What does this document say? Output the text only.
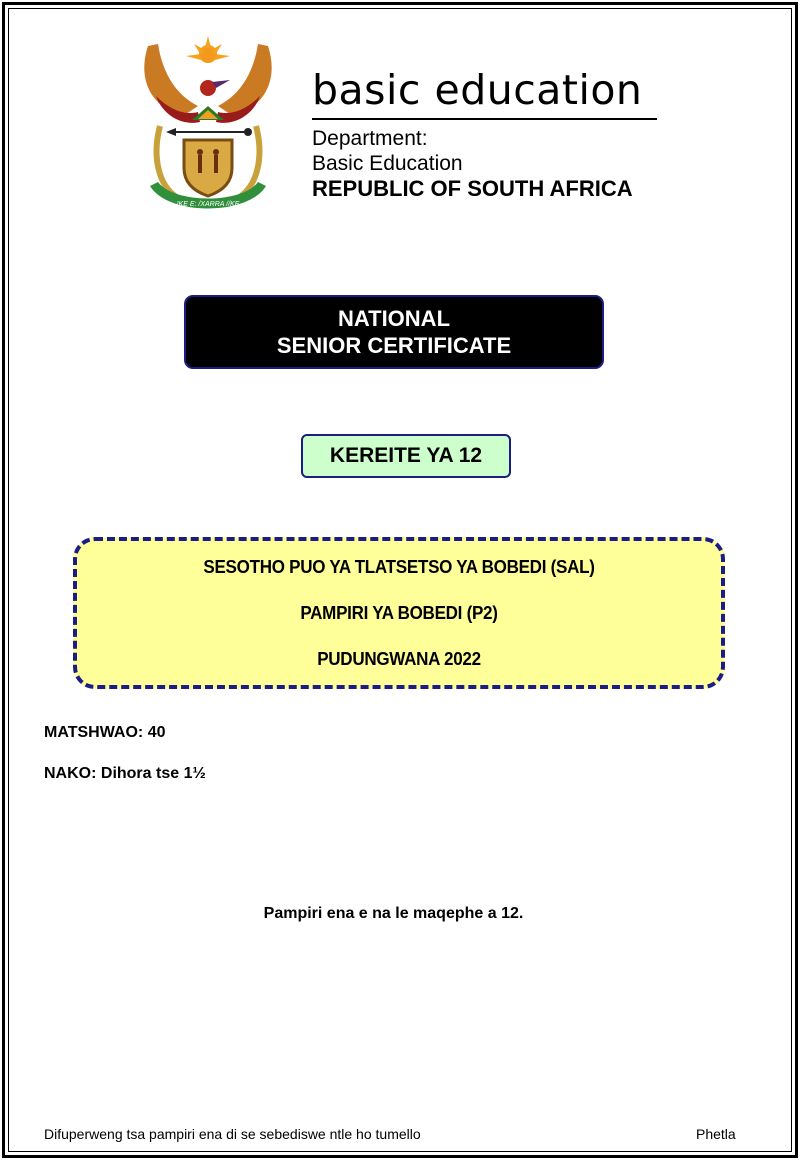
!KE E: /XARRA //KE
basic education
Department:
Basic Education
REPUBLIC OF SOUTH AFRICA
NATIONAL
SENIOR CERTIFICATE
KEREITE YA 12
SESOTHO PUO YA TLATSETSO YA BOBEDI (SAL)
PAMPIRI YA BOBEDI (P2)
PUDUNGWANA 2022
MATSHWAO: 40
NAKO: Dihora tse 1½
Pampiri ena e na le maqephe a 12.
Difuperweng tsa pampiri ena di se sebediswe ntle ho tumello	Phetla
